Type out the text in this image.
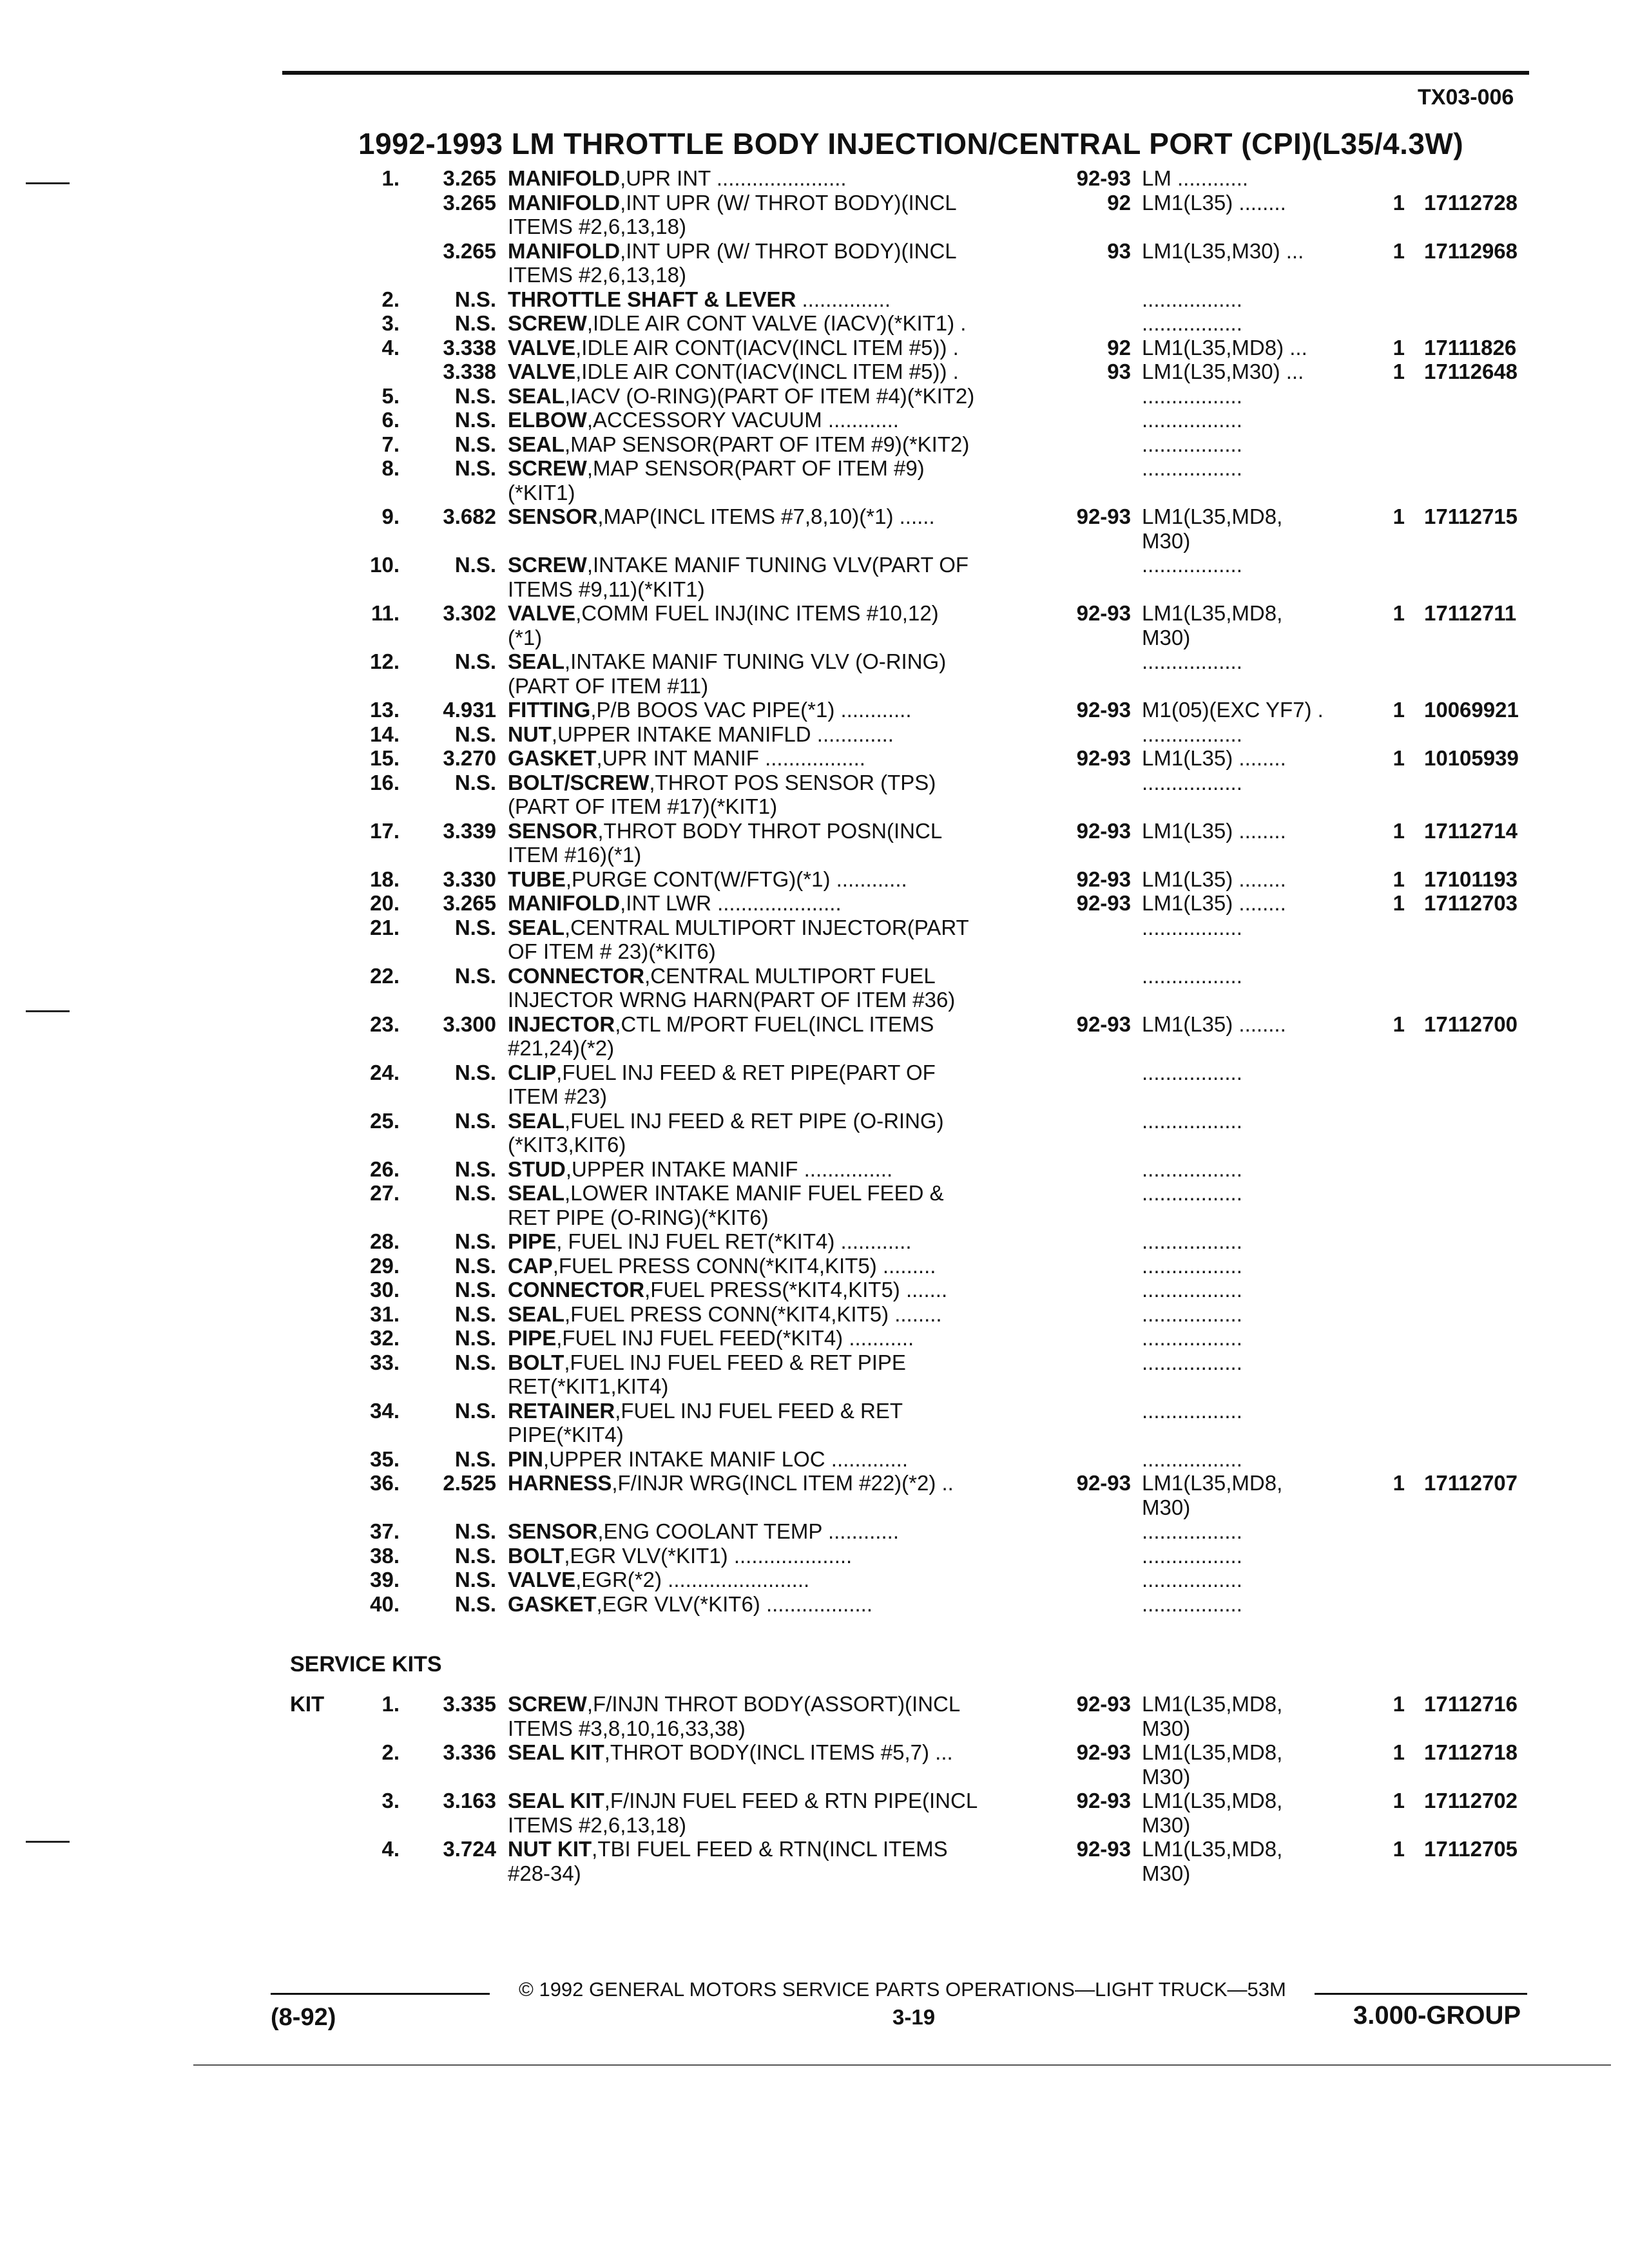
TX03-006
1992-1993 LM THROTTLE BODY INJECTION/CENTRAL PORT (CPI)(L35/4.3W)
1.	3.265 MANIFOLD,UPR INT ......................	92-93 LM ............
3.265 MANIFOLD,INT UPR (W/ THROT BODY)(INCL	92 LM1(L35) ........	1 17112728
ITEMS #2,6,13,18)
3.265 MANIFOLD,INT UPR (W/ THROT BODY)(INCL	93 LM1(L35,M30) ...	1 17112968
ITEMS #2,6,13,18)
2.	N.S. THROTTLE SHAFT & LEVER ...............	.................
3.	N.S. SCREW,IDLE AIR CONT VALVE (IACV)(*KIT1) .	.................
4.	3.338 VALVE,IDLE AIR CONT(IACV(INCL ITEM #5)) .	92 LM1(L35,MD8) ...	1 17111826
3.338 VALVE,IDLE AIR CONT(IACV(INCL ITEM #5)) .	93 LM1(L35,M30) ...	1 17112648
5.	N.S. SEAL,IACV (O-RING)(PART OF ITEM #4)(*KIT2)	.................
6.	N.S. ELBOW,ACCESSORY VACUUM ............	.................
7.	N.S. SEAL,MAP SENSOR(PART OF ITEM #9)(*KIT2)	.................
8.	N.S. SCREW,MAP SENSOR(PART OF ITEM #9)	.................
(*KIT1)
9.	3.682 SENSOR,MAP(INCL ITEMS #7,8,10)(*1) ......	92-93 LM1(L35,MD8,	1 17112715
M30)
10.	N.S. SCREW,INTAKE MANIF TUNING VLV(PART OF	.................
ITEMS #9,11)(*KIT1)
11.	3.302 VALVE,COMM FUEL INJ(INC ITEMS #10,12)	92-93 LM1(L35,MD8,	1 17112711
(*1)	M30)
12.	N.S. SEAL,INTAKE MANIF TUNING VLV (O-RING)	.................
(PART OF ITEM #11)
13.	4.931 FITTING,P/B BOOS VAC PIPE(*1) ............	92-93 M1(05)(EXC YF7) .	1 10069921
14.	N.S. NUT,UPPER INTAKE MANIFLD .............	.................
15.	3.270 GASKET,UPR INT MANIF .................	92-93 LM1(L35) ........	1 10105939
16.	N.S. BOLT/SCREW,THROT POS SENSOR (TPS)	.................
(PART OF ITEM #17)(*KIT1)
17.	3.339 SENSOR,THROT BODY THROT POSN(INCL	92-93 LM1(L35) ........	1 17112714
ITEM #16)(*1)
18.	3.330 TUBE,PURGE CONT(W/FTG)(*1) ............	92-93 LM1(L35) ........	1 17101193
20.	3.265 MANIFOLD,INT LWR .....................	92-93 LM1(L35) ........	1 17112703
21.	N.S. SEAL,CENTRAL MULTIPORT INJECTOR(PART	.................
OF ITEM # 23)(*KIT6)
22.	N.S. CONNECTOR,CENTRAL MULTIPORT FUEL	.................
INJECTOR WRNG HARN(PART OF ITEM #36)
23.	3.300 INJECTOR,CTL M/PORT FUEL(INCL ITEMS	92-93 LM1(L35) ........	1 17112700
#21,24)(*2)
24.	N.S. CLIP,FUEL INJ FEED & RET PIPE(PART OF	.................
ITEM #23)
25.	N.S. SEAL,FUEL INJ FEED & RET PIPE (O-RING)	.................
(*KIT3,KIT6)
26.	N.S. STUD,UPPER INTAKE MANIF ...............	.................
27.	N.S. SEAL,LOWER INTAKE MANIF FUEL FEED &	.................
RET PIPE (O-RING)(*KIT6)
28.	N.S. PIPE, FUEL INJ FUEL RET(*KIT4) ............	.................
29.	N.S. CAP,FUEL PRESS CONN(*KIT4,KIT5) .........	.................
30.	N.S. CONNECTOR,FUEL PRESS(*KIT4,KIT5) .......	.................
31.	N.S. SEAL,FUEL PRESS CONN(*KIT4,KIT5) ........	.................
32.	N.S. PIPE,FUEL INJ FUEL FEED(*KIT4) ...........	.................
33.	N.S. BOLT,FUEL INJ FUEL FEED & RET PIPE	.................
RET(*KIT1,KIT4)
34.	N.S. RETAINER,FUEL INJ FUEL FEED & RET	.................
PIPE(*KIT4)
35.	N.S. PIN,UPPER INTAKE MANIF LOC .............	.................
36.	2.525 HARNESS,F/INJR WRG(INCL ITEM #22)(*2) ..	92-93 LM1(L35,MD8,	1 17112707
M30)
37.	N.S. SENSOR,ENG COOLANT TEMP ............	.................
38.	N.S. BOLT,EGR VLV(*KIT1) ....................	.................
39.	N.S. VALVE,EGR(*2) ........................	.................
40.	N.S. GASKET,EGR VLV(*KIT6) ..................	.................
SERVICE KITS
KIT	1.	3.335 SCREW,F/INJN THROT BODY(ASSORT)(INCL	92-93 LM1(L35,MD8,	1 17112716
ITEMS #3,8,10,16,33,38)	M30)
2.	3.336 SEAL KIT,THROT BODY(INCL ITEMS #5,7) ...	92-93 LM1(L35,MD8,	1 17112718
M30)
3.	3.163 SEAL KIT,F/INJN FUEL FEED & RTN PIPE(INCL	92-93 LM1(L35,MD8,	1 17112702
ITEMS #2,6,13,18)	M30)
4.	3.724 NUT KIT,TBI FUEL FEED & RTN(INCL ITEMS	92-93 LM1(L35,MD8,	1 17112705
#28-34)	M30)
© 1992 GENERAL MOTORS SERVICE PARTS OPERATIONS—LIGHT TRUCK—53M
(8-92)	3-19	3.000-GROUP
